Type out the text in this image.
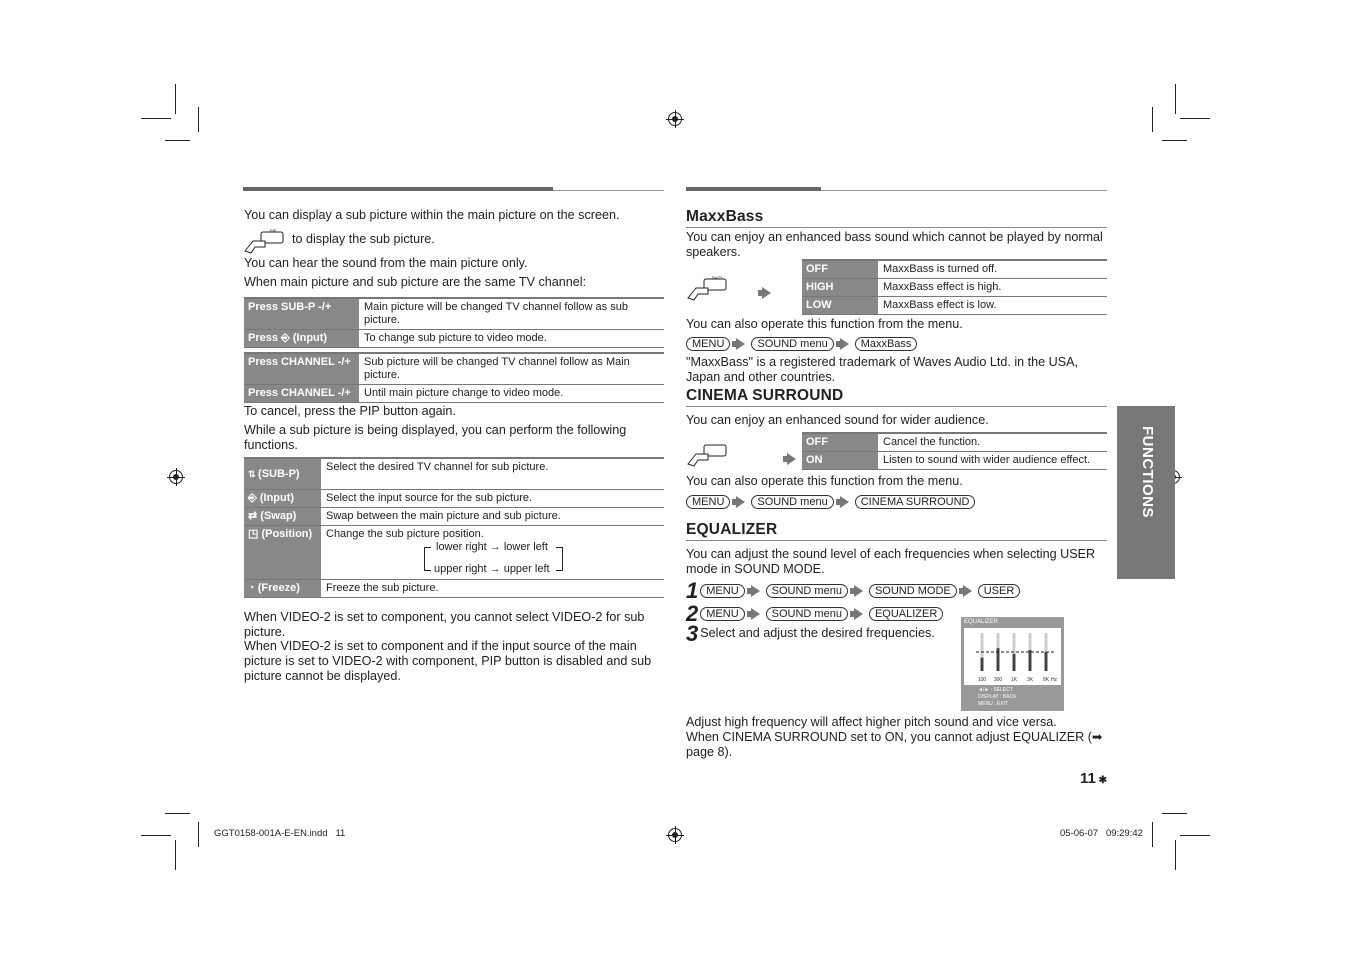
You can display a sub picture within the main picture on the screen.
PIP
to display the sub picture.
You can hear the sound from the main picture only.
When main picture and sub picture are the same TV channel:
Press SUB-P -/+	Main picture will be changed TV channel follow as sub picture.
Press ⎆ (Input)	To change sub picture to video mode.
Press CHANNEL -/+	Sub picture will be changed TV channel follow as Main picture.
Press CHANNEL -/+	Until main picture change to video mode.
To cancel, press the PIP button again.
While a sub picture is being displayed, you can perform the following functions.
⇅ (SUB-P)	Select the desired TV channel for sub picture.
⎆ (Input)	Select the input source for the sub picture.
⇄ (Swap)	Swap between the main picture and sub picture.
◳ (Position)	Change the sub picture position.
lower right → lower left
upper right → upper left

◔ (Freeze)	Freeze the sub picture.
When VIDEO-2 is set to component, you cannot select VIDEO-2 for sub picture.
When VIDEO-2 is set to component and if the input source of the main picture is set to VIDEO-2 with component, PIP button is disabled and sub picture cannot be displayed.
MaxxBass
You can enjoy an enhanced bass sound which cannot be played by normal speakers.
BASS

OFF	MaxxBass is turned off.
HIGH	MaxxBass effect is high.
LOW	MaxxBass effect is low.
You can also operate this function from the menu.
MENU	SOUND menu	MaxxBass
"MaxxBass" is a registered trademark of Waves Audio Ltd. in the USA, Japan and other countries.
CINEMA SURROUND
You can enjoy an enhanced sound for wider audience.
OFF	Cancel the function.
ON	Listen to sound with wider audience effect.
You can also operate this function from the menu.
MENU	SOUND menu	CINEMA SURROUND
EQUALIZER
You can adjust the sound level of each frequencies when selecting USER mode in SOUND MODE.
1 MENU	SOUND menu	SOUND MODE	USER
2 MENU	SOUND menu	EQUALIZER
3 Select and adjust the desired frequencies.
EQUALIZER
100 300 1K 3K 8K Hz
◄/► : SELECT
DISPLAY : BACK
MENU : EXIT
Adjust high frequency will affect higher pitch sound and vice versa.
When CINEMA SURROUND set to ON, you cannot adjust EQUALIZER (➡ page 8).
FUNCTIONS
11 ✱
GGT0158-001A-E-EN.indd   11	05-06-07   09:29:42
